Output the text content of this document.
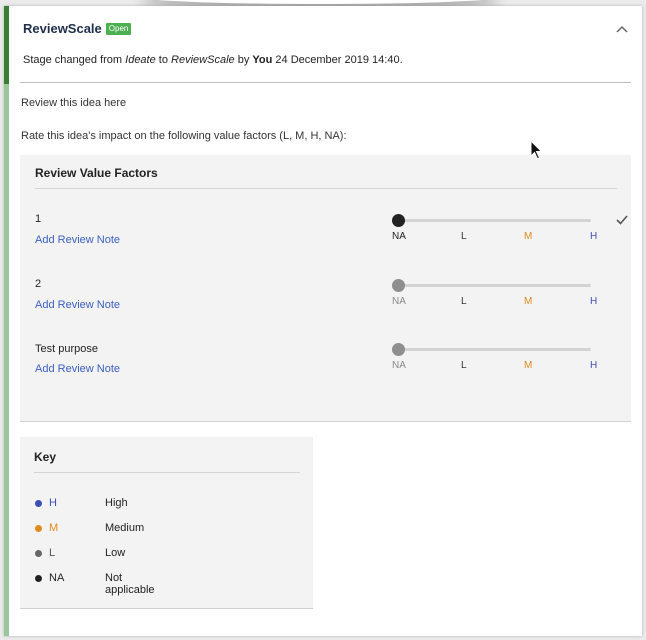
ReviewScale Open
Stage changed from Ideate to ReviewScale by You 24 December 2019 14:40.
Review this idea here
Rate this idea's impact on the following value factors (L, M, H, NA):
Review Value Factors
1
Add Review Note	NA	L	M	H
2
Add Review Note	NA	L	M	H
Test purpose
Add Review Note	NA	L	M	H
Key
H	High
M	Medium
L	Low
NA	Not applicable
